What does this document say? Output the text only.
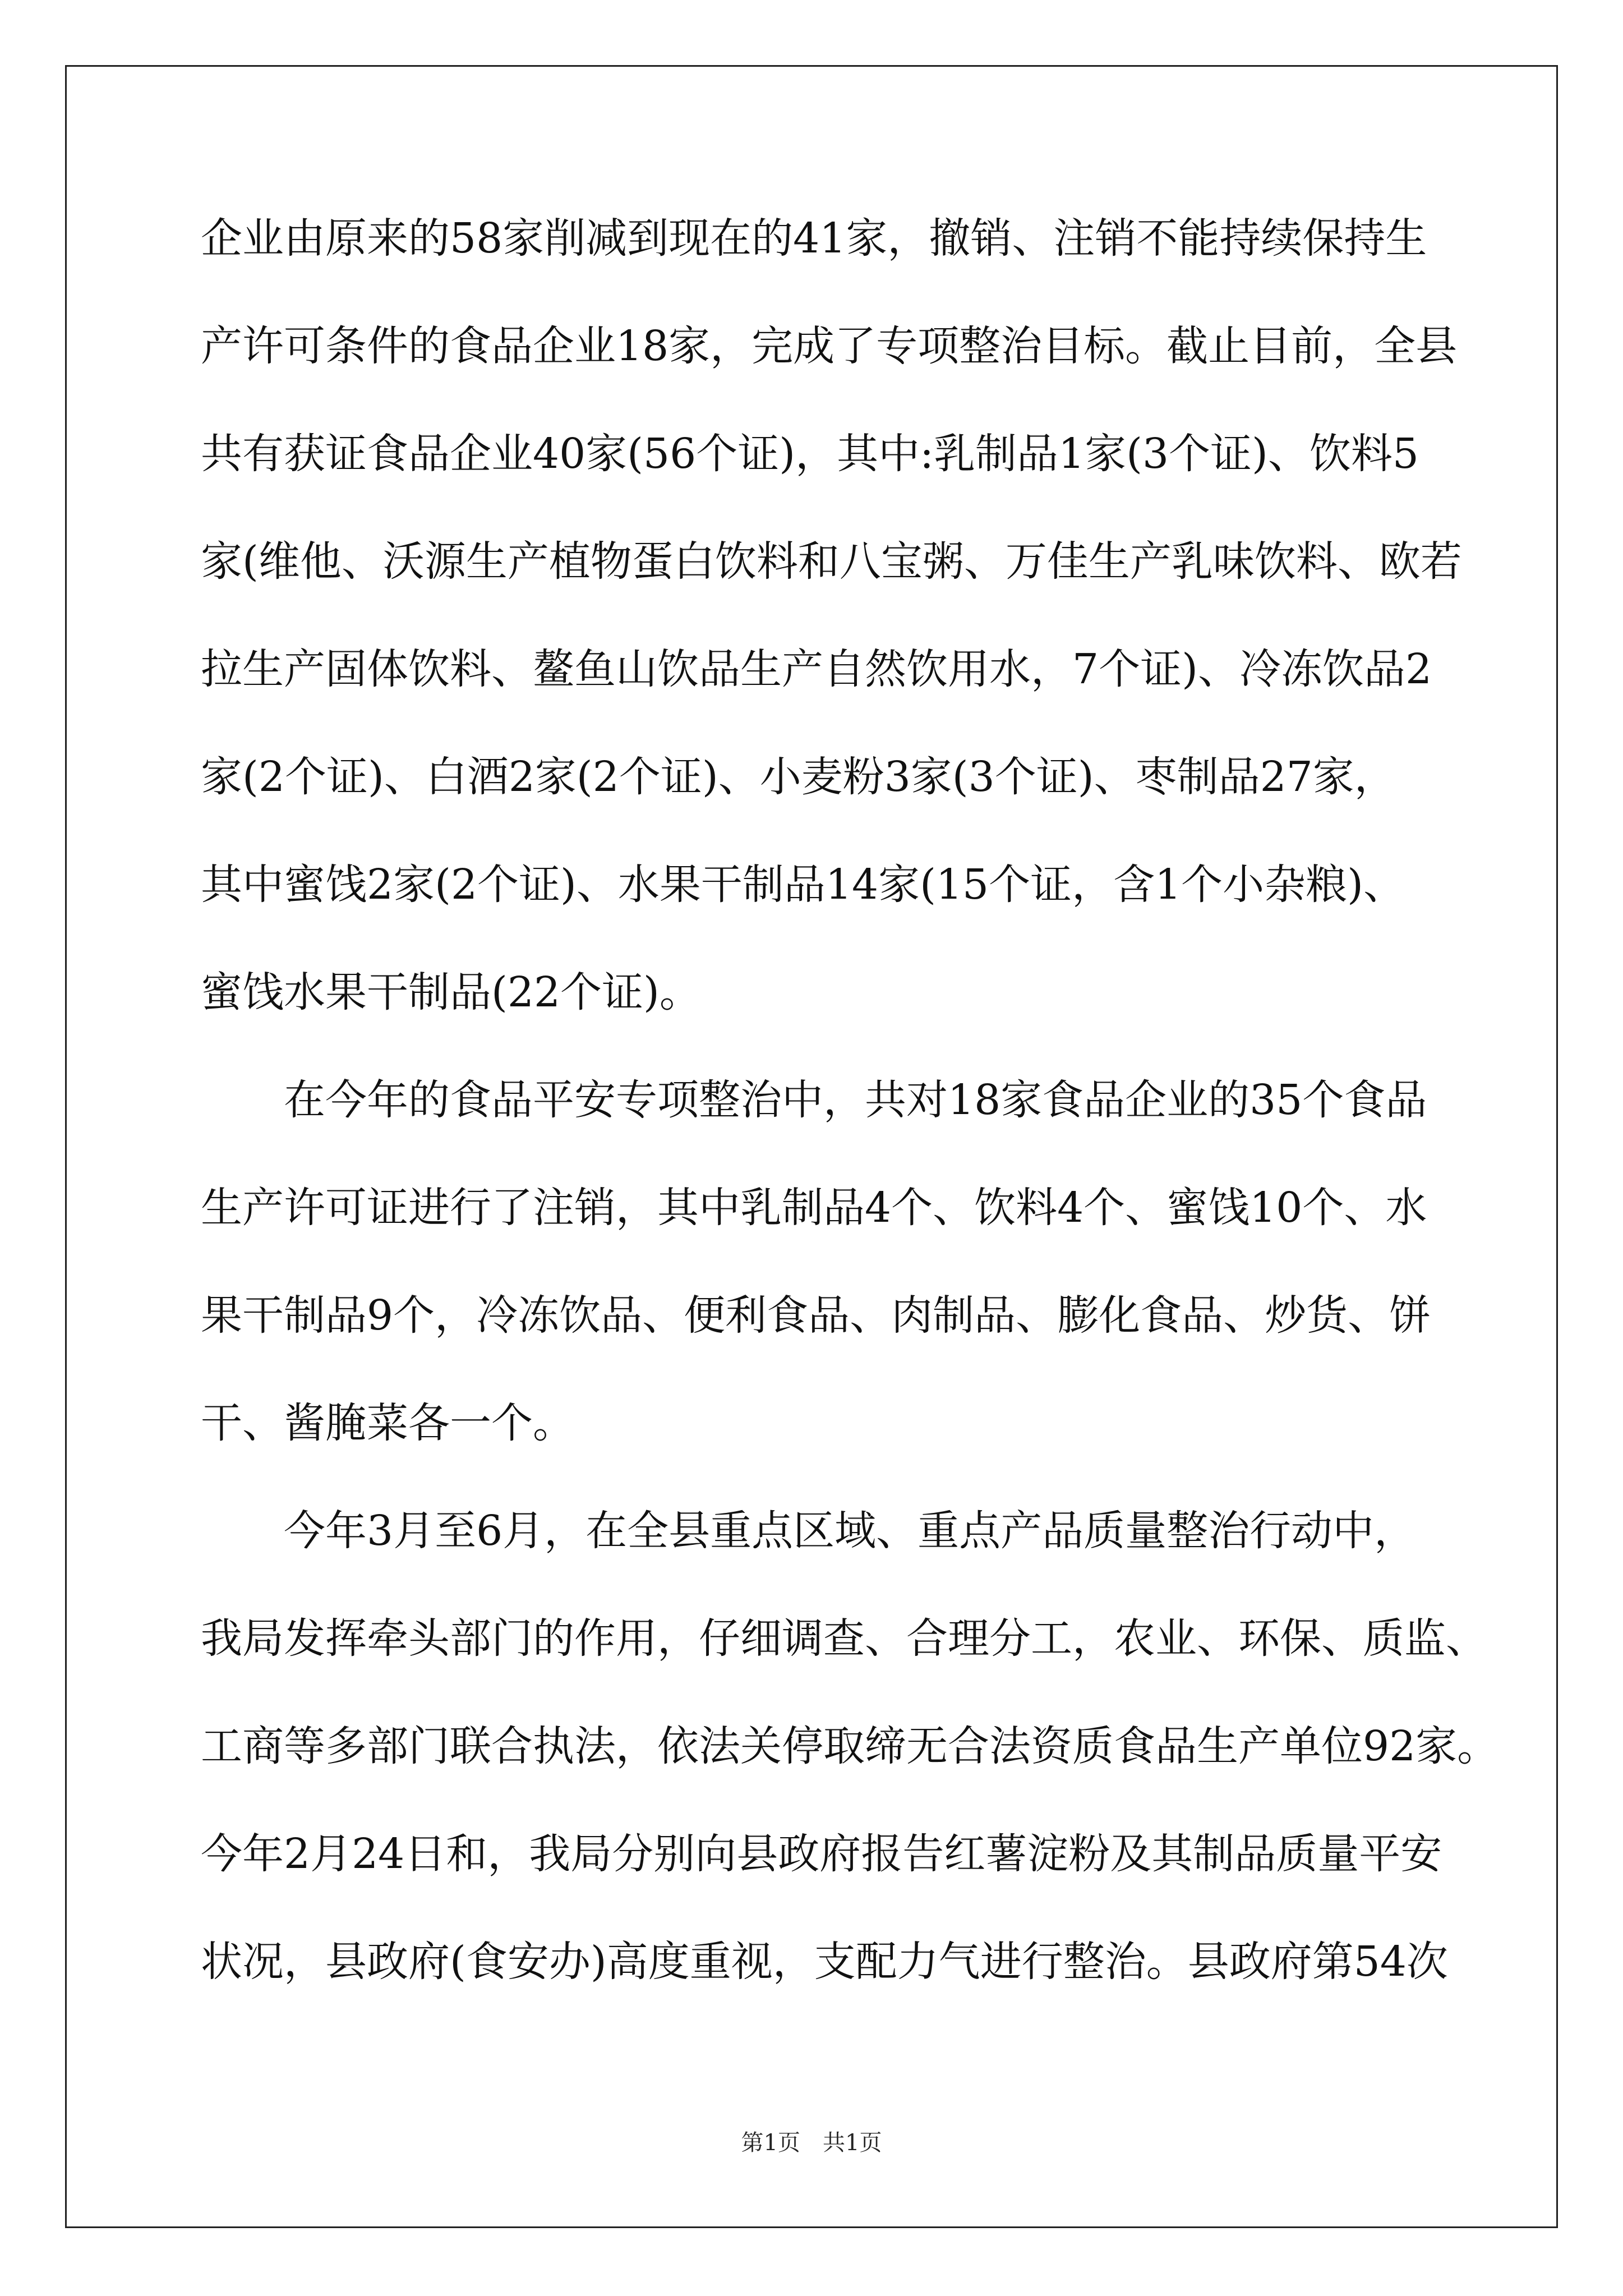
企业由原来的58家削减到现在的41家，撤销、注销不能持续保持生
产许可条件的食品企业18家，完成了专项整治目标。截止目前，全县
共有获证食品企业40家(56个证)，其中:乳制品1家(3个证)、饮料5
家(维他、沃源生产植物蛋白饮料和八宝粥、万佳生产乳味饮料、欧若
拉生产固体饮料、鳌鱼山饮品生产自然饮用水，7个证)、冷冻饮品2
家(2个证)、白酒2家(2个证)、小麦粉3家(3个证)、枣制品27家，
其中蜜饯2家(2个证)、水果干制品14家(15个证，含1个小杂粮)、
蜜饯水果干制品(22个证)。
　　在今年的食品平安专项整治中，共对18家食品企业的35个食品
生产许可证进行了注销，其中乳制品4个、饮料4个、蜜饯10个、水
果干制品9个，冷冻饮品、便利食品、肉制品、膨化食品、炒货、饼
干、酱腌菜各一个。
　　今年3月至6月，在全县重点区域、重点产品质量整治行动中，
我局发挥牵头部门的作用，仔细调查、合理分工，农业、环保、质监、
工商等多部门联合执法，依法关停取缔无合法资质食品生产单位92家。
今年2月24日和，我局分别向县政府报告红薯淀粉及其制品质量平安
状况，县政府(食安办)高度重视，支配力气进行整治。县政府第54次
第1页　共1页
